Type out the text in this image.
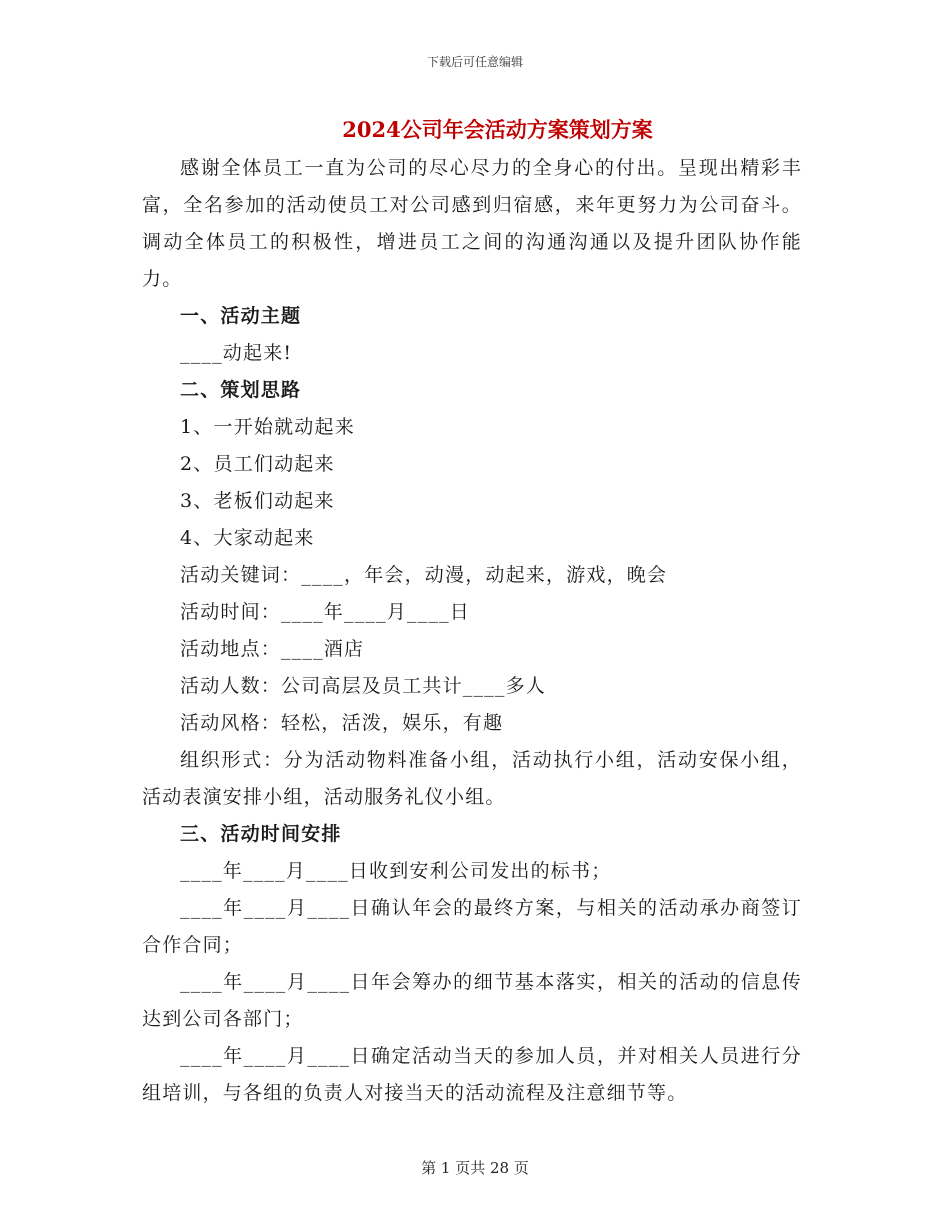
下载后可任意编辑
2024公司年会活动方案策划方案

感谢全体员工一直为公司的尽心尽力的全身心的付出。呈现出精彩丰富，全名参加的活动使员工对公司感到归宿感，来年更努力为公司奋斗。调动全体员工的积极性，增进员工之间的沟通沟通以及提升团队协作能力。

一、活动主题

____动起来!

二、策划思路

1、一开始就动起来

2、员工们动起来

3、老板们动起来

4、大家动起来

活动关键词：____，年会，动漫，动起来，游戏，晚会

活动时间：____年____月____日

活动地点：____酒店

活动人数：公司高层及员工共计____多人

活动风格：轻松，活泼，娱乐，有趣

组织形式：分为活动物料准备小组，活动执行小组，活动安保小组，活动表演安排小组，活动服务礼仪小组。

三、活动时间安排

____年____月____日收到安利公司发出的标书；

____年____月____日确认年会的最终方案，与相关的活动承办商签订合作合同；

____年____月____日年会筹办的细节基本落实，相关的活动的信息传达到公司各部门；

____年____月____日确定活动当天的参加人员，并对相关人员进行分组培训，与各组的负责人对接当天的活动流程及注意细节等。

第 1 页共 28 页
